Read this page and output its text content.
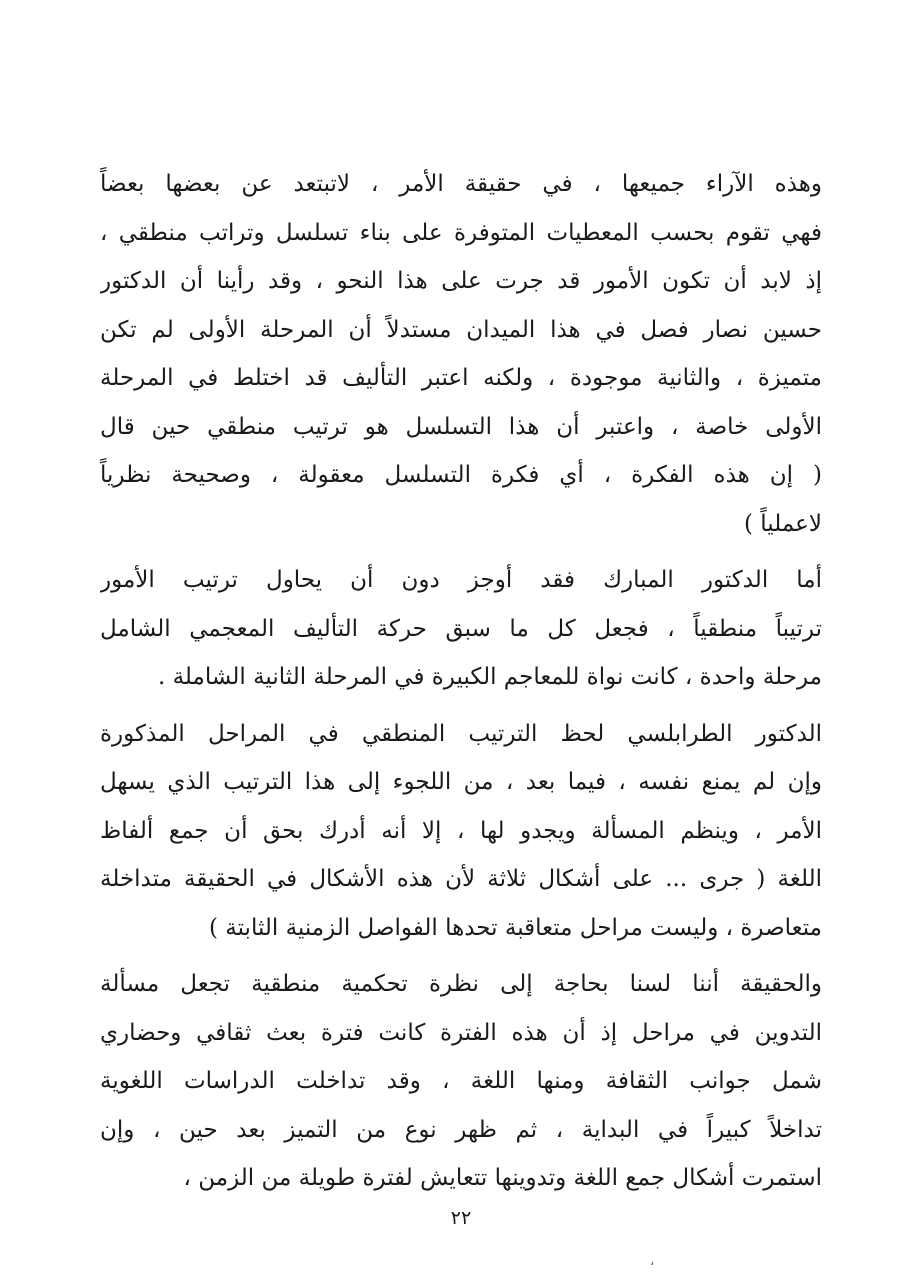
وهذه الآراء جميعها ، في حقيقة الأمر ، لاتبتعد عن بعضها بعضاً
فهي تقوم بحسب المعطيات المتوفرة على بناء تسلسل وتراتب منطقي ،
إذ لابد أن تكون الأمور قد جرت على هذا النحو ، وقد رأينا أن الدكتور
حسين نصار فصل في هذا الميدان مستدلاً أن المرحلة الأولى لم تكن
متميزة ، والثانية موجودة ، ولكنه اعتبر التأليف قد اختلط في المرحلة
الأولى خاصة ، واعتبر أن هذا التسلسل هو ترتيب منطقي حين قال
( إن هذه الفكرة ، أي فكرة التسلسل معقولة ، وصحيحة نظرياً
لاعملياً )
أما الدكتور المبارك فقد أوجز دون أن يحاول ترتيب الأمور
ترتيباً منطقياً ، فجعل كل ما سبق حركة التأليف المعجمي الشامل
مرحلة واحدة ، كانت نواة للمعاجم الكبيرة في المرحلة الثانية الشاملة .
الدكتور الطرابلسي لحظ الترتيب المنطقي في المراحل المذكورة
وإن لم يمنع نفسه ، فيما بعد ، من اللجوء إلى هذا الترتيب الذي يسهل
الأمر ، وينظم المسألة ويجدو لها ، إلا أنه أدرك بحق أن جمع ألفاظ
اللغة ( جرى ... على أشكال ثلاثة لأن هذه الأشكال في الحقيقة متداخلة
متعاصرة ، وليست مراحل متعاقبة تحدها الفواصل الزمنية الثابتة )
والحقيقة أننا لسنا بحاجة إلى نظرة تحكمية منطقية تجعل مسألة
التدوين في مراحل إذ أن هذه الفترة كانت فترة بعث ثقافي وحضاري
شمل جوانب الثقافة ومنها اللغة ، وقد تداخلت الدراسات اللغوية
تداخلاً كبيراً في البداية ، ثم ظهر نوع من التميز بعد حين ، وإن
استمرت أشكال جمع اللغة وتدوينها تتعايش لفترة طويلة من الزمن ،
٢٢
،
